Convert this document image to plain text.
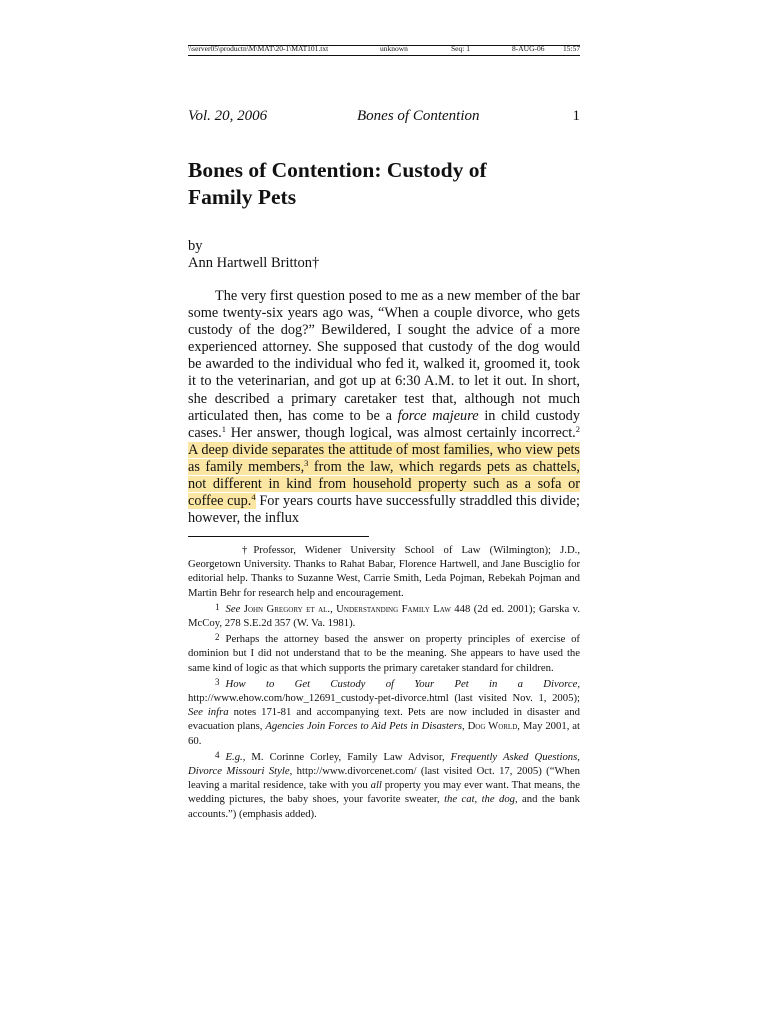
\\server05\productn\M\MAT\20-1\MAT101.txt	unknown	Seq: 1	8-AUG-06 15:57
Vol. 20, 2006	Bones of Contention	1
Bones of Contention: Custody of
Family Pets
by
Ann Hartwell Britton†

The very first question posed to me as a new member of the bar some twenty-six years ago was, “When a couple divorce, who gets custody of the dog?” Bewildered, I sought the advice of a more experienced attorney. She supposed that custody of the dog would be awarded to the individual who fed it, walked it, groomed it, took it to the veterinarian, and got up at 6:30 A.M. to let it out. In short, she described a primary caretaker test that, although not much articulated then, has come to be a force majeure in child custody cases.$^1$ Her answer, though logical, was almost certainly incorrect.$^2$ A deep divide separates the attitude of most families, who view pets as family members,$^3$ from the law, which regards pets as chattels, not different in kind from household property such as a sofa or coffee cup.$^4$ For years courts have successfully straddled this divide; however, the influx

† Professor, Widener University School of Law (Wilmington); J.D., Georgetown University. Thanks to Rahat Babar, Florence Hartwell, and Jane Busciglio for editorial help. Thanks to Suzanne West, Carrie Smith, Leda Pojman, Rebekah Pojman and Martin Behr for research help and encouragement.

1 See John Gregory et al., Understanding Family Law 448 (2d ed. 2001); Garska v. McCoy, 278 S.E.2d 357 (W. Va. 1981).

2 Perhaps the attorney based the answer on property principles of exercise of dominion but I did not understand that to be the meaning. She appears to have used the same kind of logic as that which supports the primary caretaker standard for children.

3 How to Get Custody of Your Pet in a Divorce, http://www.ehow.com/how_12691_custody-pet-divorce.html (last visited Nov. 1, 2005); See infra notes 171-81 and accompanying text. Pets are now included in disaster and evacuation plans, Agencies Join Forces to Aid Pets in Disasters, Dog World, May 2001, at 60.

4 E.g., M. Corinne Corley, Family Law Advisor, Frequently Asked Questions, Divorce Missouri Style, http://www.divorcenet.com/ (last visited Oct. 17, 2005) (“When leaving a marital residence, take with you all property you may ever want. That means, the wedding pictures, the baby shoes, your favorite sweater, the cat, the dog, and the bank accounts.”) (emphasis added).
